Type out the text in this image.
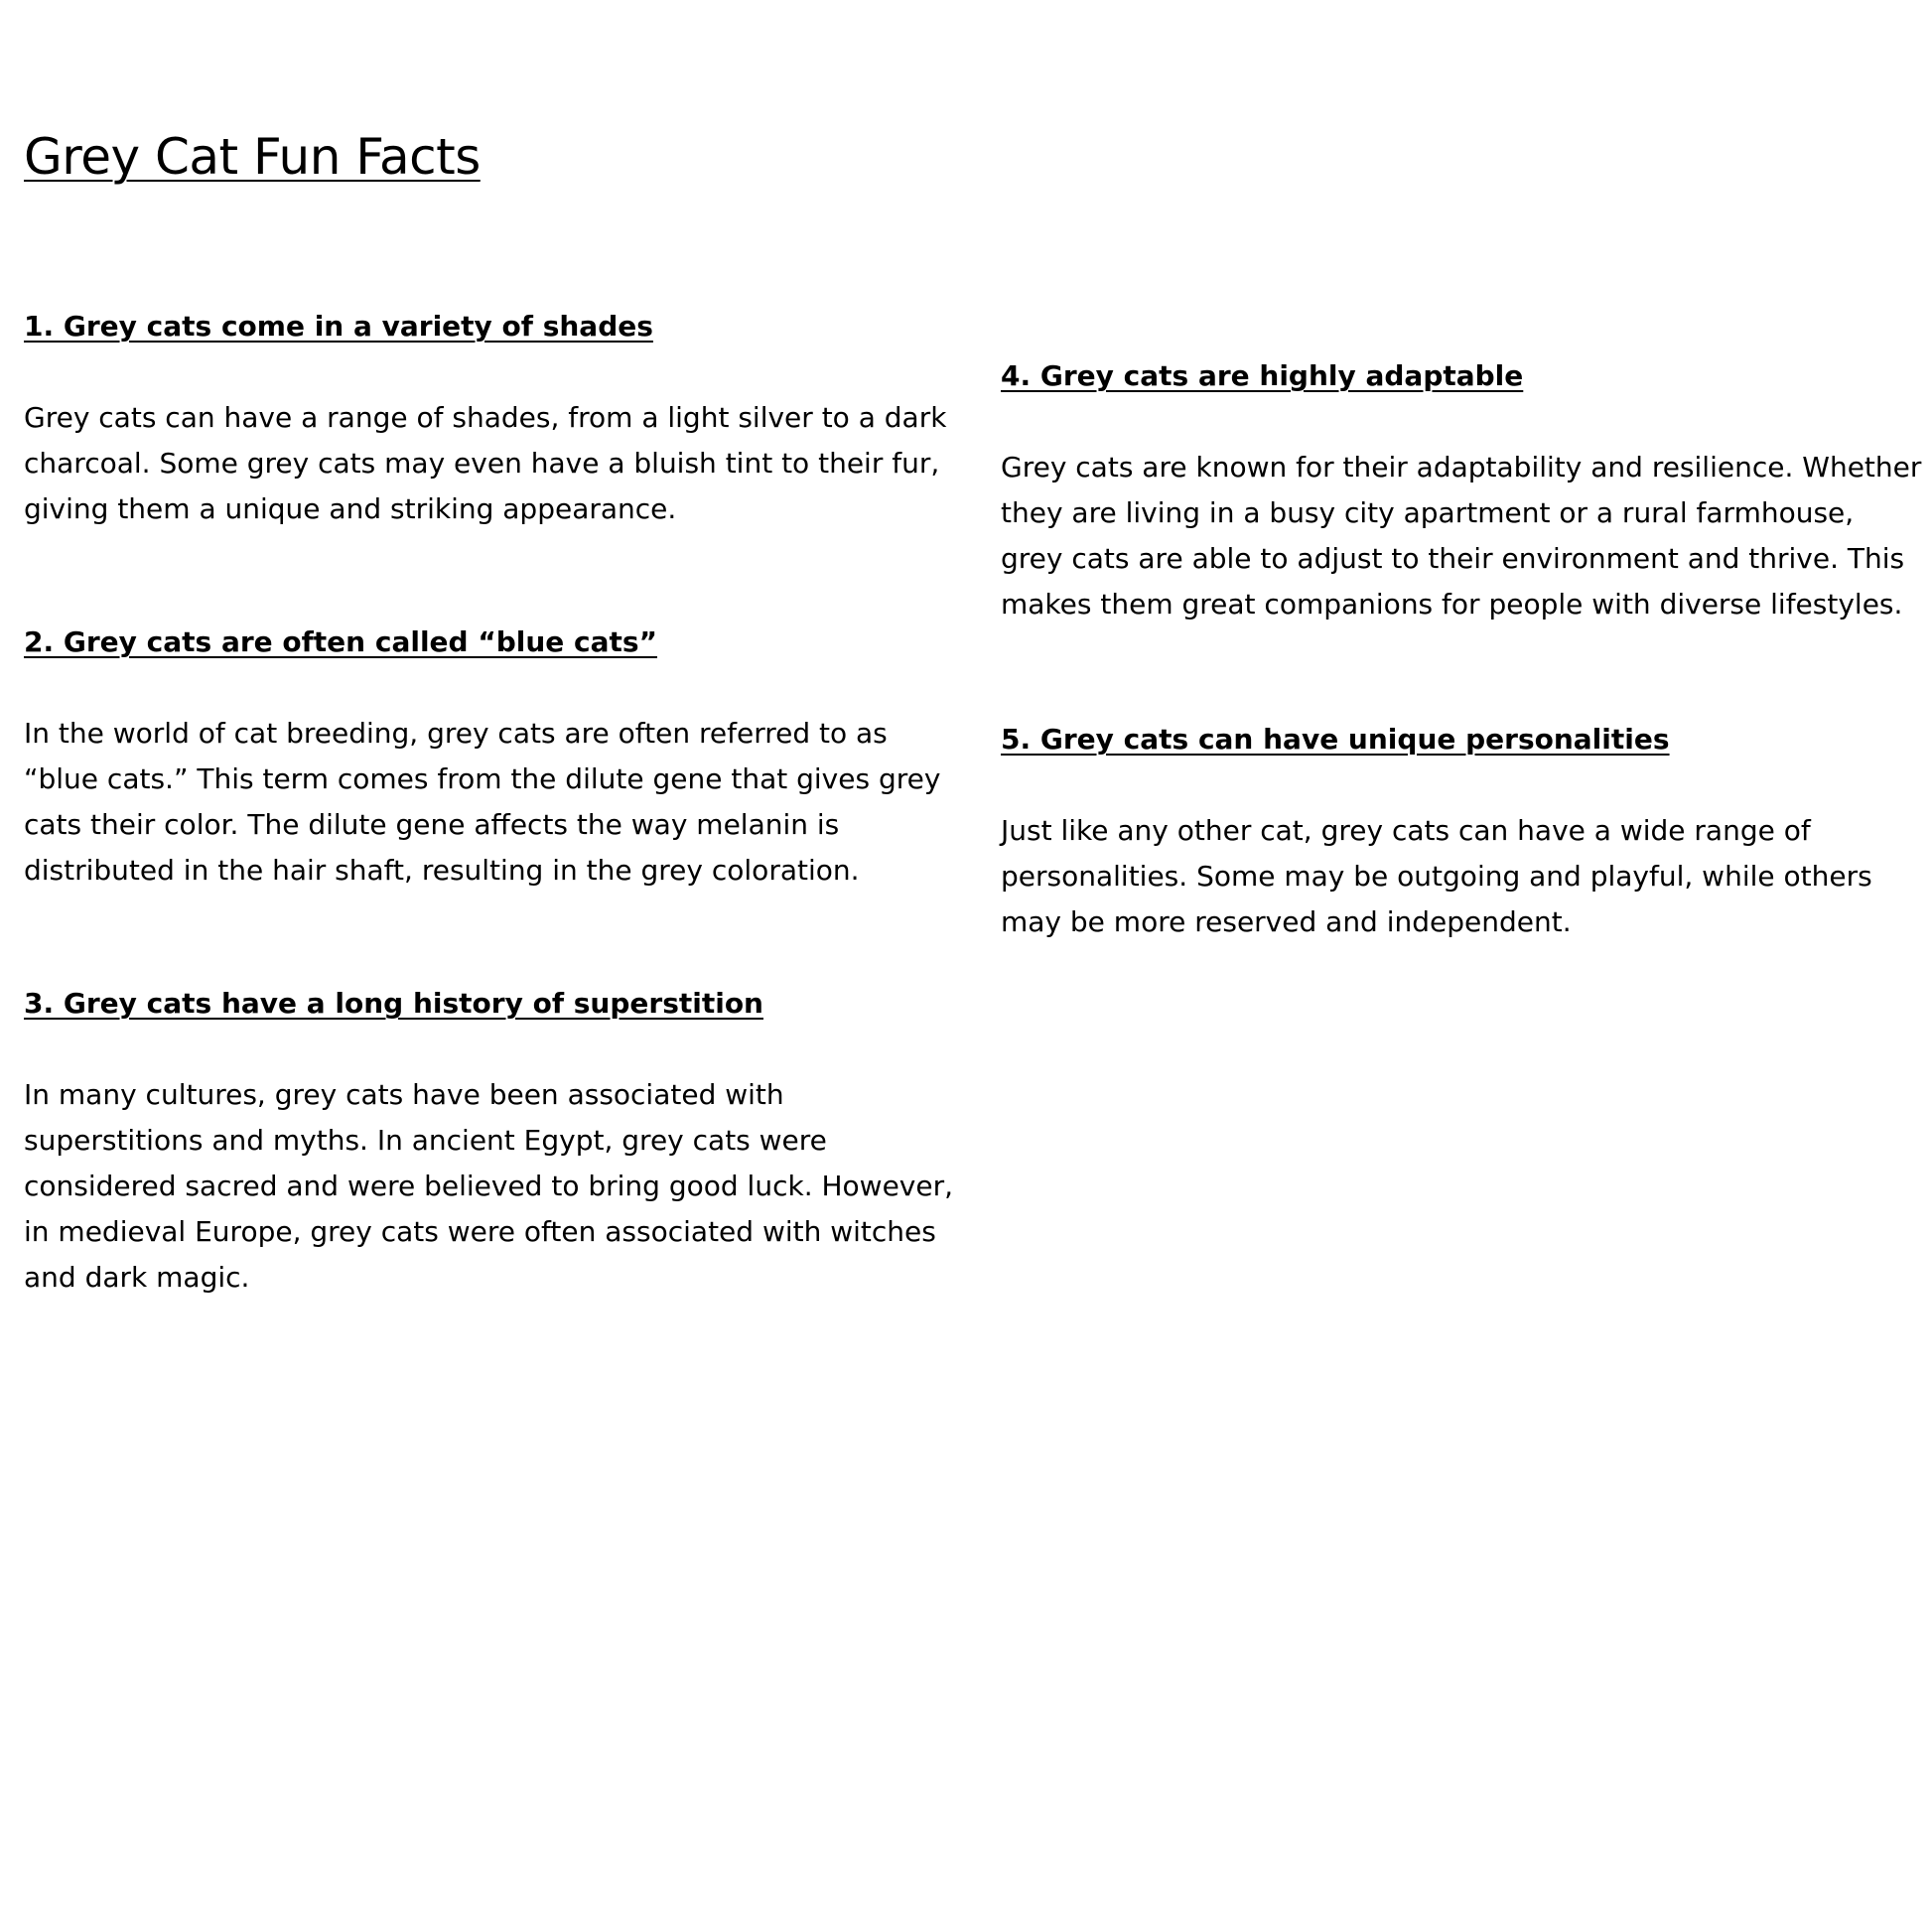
Grey Cat Fun Facts
1. Grey cats come in a variety of shades

Grey cats can have a range of shades, from a light silver to a dark charcoal. Some grey cats may even have a bluish tint to their fur, giving them a unique and striking appearance.

2. Grey cats are often called “blue cats”

In the world of cat breeding, grey cats are often referred to as “blue cats.” This term comes from the dilute gene that gives grey cats their color. The dilute gene affects the way melanin is distributed in the hair shaft, resulting in the grey coloration.

3. Grey cats have a long history of superstition

In many cultures, grey cats have been associated with superstitions and myths. In ancient Egypt, grey cats were considered sacred and were believed to bring good luck. However, in medieval Europe, grey cats were often associated with witches and dark magic.

4. Grey cats are highly adaptable

Grey cats are known for their adaptability and resilience. Whether they are living in a busy city apartment or a rural farmhouse, grey cats are able to adjust to their environment and thrive. This makes them great companions for people with diverse lifestyles.

5. Grey cats can have unique personalities

Just like any other cat, grey cats can have a wide range of personalities. Some may be outgoing and playful, while others may be more reserved and independent.
